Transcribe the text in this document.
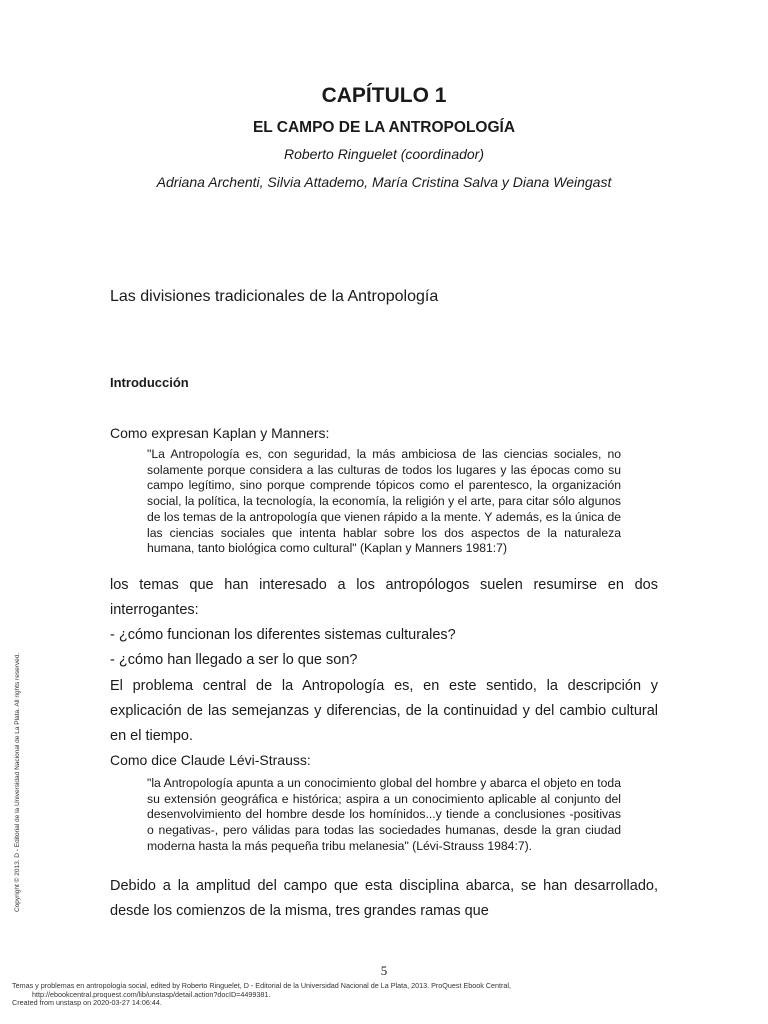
CAPÍTULO 1
EL CAMPO DE LA ANTROPOLOGÍA
Roberto Ringuelet (coordinador)
Adriana Archenti, Silvia Attademo, María Cristina Salva y Diana Weingast
Las divisiones tradicionales de la Antropología
Introducción
Como expresan Kaplan y Manners:
"La Antropología es, con seguridad, la más ambiciosa de las ciencias sociales, no solamente porque considera a las culturas de todos los lugares y las épocas como su campo legítimo, sino porque comprende tópicos como el parentesco, la organización social, la política, la tecnología, la economía, la religión y el arte, para citar sólo algunos de los temas de la antropología que vienen rápido a la mente. Y además, es la única de las ciencias sociales que intenta hablar sobre los dos aspectos de la naturaleza humana, tanto biológica como cultural" (Kaplan y Manners 1981:7)
los temas que han interesado a los antropólogos suelen resumirse en dos interrogantes:
- ¿cómo funcionan los diferentes sistemas culturales?
- ¿cómo han llegado a ser lo que son?
El problema central de la Antropología es, en este sentido, la descripción y explicación de las semejanzas y diferencias, de la continuidad y del cambio cultural en el tiempo.
Como dice Claude Lévi-Strauss:
"la Antropología apunta a un conocimiento global del hombre y abarca el objeto en toda su extensión geográfica e histórica; aspira a un conocimiento aplicable al conjunto del desenvolvimiento del hombre desde los homínidos...y tiende a conclusiones -positivas o negativas-, pero válidas para todas las sociedades humanas, desde la gran ciudad moderna hasta la más pequeña tribu melanesia" (Lévi-Strauss 1984:7).
Debido a la amplitud del campo que esta disciplina abarca, se han desarrollado, desde los comienzos de la misma, tres grandes ramas que
5
Temas y problemas en antropología social, edited by Roberto Ringuelet, D - Editorial de la Universidad Nacional de La Plata, 2013. ProQuest Ebook Central,
http://ebookcentral.proquest.com/lib/unstasp/detail.action?docID=4499381.
Created from unstasp on 2020-03-27 14:06:44.
Copyright © 2013. D - Editorial de la Universidad Nacional de La Plata. All rights reserved.
